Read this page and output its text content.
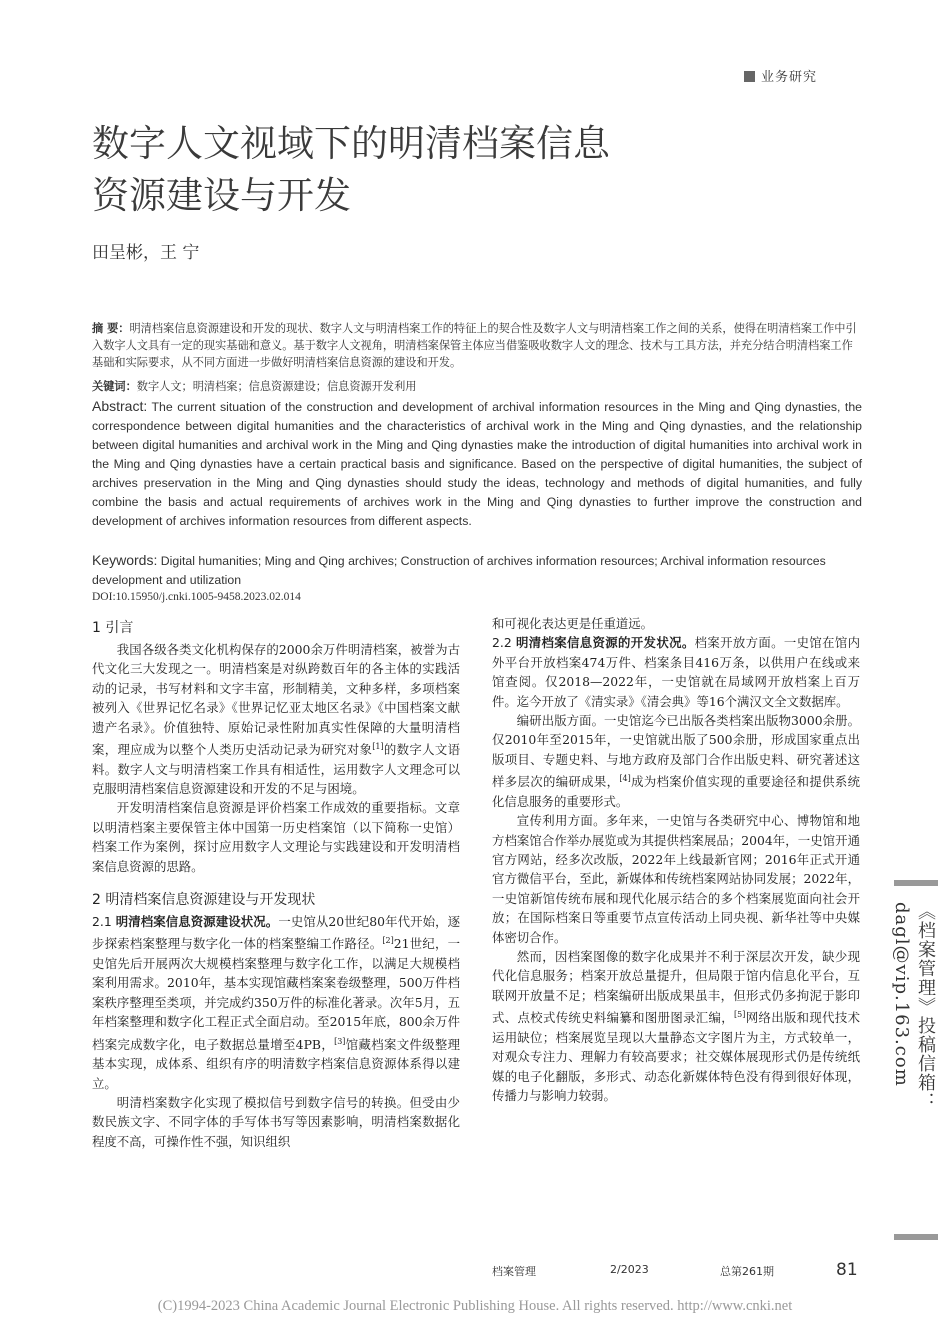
业务研究
数字人文视域下的明清档案信息
资源建设与开发
田呈彬，王 宁
摘 要：明清档案信息资源建设和开发的现状、数字人文与明清档案工作的特征上的契合性及数字人文与明清档案工作之间的关系，使得在明清档案工作中引入数字人文具有一定的现实基础和意义。基于数字人文视角，明清档案保管主体应当借鉴吸收数字人文的理念、技术与工具方法，并充分结合明清档案工作基础和实际要求，从不同方面进一步做好明清档案信息资源的建设和开发。
关键词：数字人文；明清档案；信息资源建设；信息资源开发利用
Abstract: The current situation of the construction and development of archival information resources in the Ming and Qing dynasties, the correspondence between digital humanities and the characteristics of archival work in the Ming and Qing dynasties, and the relationship between digital humanities and archival work in the Ming and Qing dynasties make the introduction of digital humanities into archival work in the Ming and Qing dynasties have a certain practical basis and significance. Based on the perspective of digital humanities, the subject of archives preservation in the Ming and Qing dynasties should study the ideas, technology and methods of digital humanities, and fully combine the basis and actual requirements of archives work in the Ming and Qing dynasties to further improve the construction and development of archives information resources from different aspects.
Keywords: Digital humanities; Ming and Qing archives; Construction of archives information resources; Archival information resources development and utilization
DOI:10.15950/j.cnki.1005-9458.2023.02.014
1 引言

我国各级各类文化机构保存的2000余万件明清档案，被誉为古代文化三大发现之一。明清档案是对纵跨数百年的各主体的实践活动的记录，书写材料和文字丰富，形制精美，文种多样，多项档案被列入《世界记忆名录》《世界记忆亚太地区名录》《中国档案文献遗产名录》。价值独特、原始记录性附加真实性保障的大量明清档案，理应成为以整个人类历史活动记录为研究对象[1]的数字人文语料。数字人文与明清档案工作具有相适性，运用数字人文理念可以克服明清档案信息资源建设和开发的不足与困境。

开发明清档案信息资源是评价档案工作成效的重要指标。文章以明清档案主要保管主体中国第一历史档案馆（以下简称一史馆）档案工作为案例，探讨应用数字人文理论与实践建设和开发明清档案信息资源的思路。

2 明清档案信息资源建设与开发现状

2.1 明清档案信息资源建设状况。一史馆从20世纪80年代开始，逐步探索档案整理与数字化一体的档案整编工作路径。[2]21世纪，一史馆先后开展两次大规模档案整理与数字化工作，以满足大规模档案利用需求。2010年，基本实现馆藏档案案卷级整理，500万件档案秩序整理至类项，并完成约350万件的标准化著录。次年5月，五年档案整理和数字化工程正式全面启动。至2015年底，800余万件档案完成数字化，电子数据总量增至4PB，[3]馆藏档案文件级整理基本实现，成体系、组织有序的明清数字档案信息资源体系得以建立。

明清档案数字化实现了模拟信号到数字信号的转换。但受由少数民族文字、不同字体的手写体书写等因素影响，明清档案数据化程度不高，可操作性不强，知识组织

和可视化表达更是任重道远。

2.2 明清档案信息资源的开发状况。档案开放方面。一史馆在馆内外平台开放档案474万件、档案条目416万条，以供用户在线或来馆查阅。仅2018—2022年，一史馆就在局域网开放档案上百万件。迄今开放了《清实录》《清会典》等16个满汉文全文数据库。

编研出版方面。一史馆迄今已出版各类档案出版物3000余册。仅2010年至2015年，一史馆就出版了500余册，形成国家重点出版项目、专题史料、与地方政府及部门合作出版史料、研究著述这样多层次的编研成果，[4]成为档案价值实现的重要途径和提供系统化信息服务的重要形式。

宣传利用方面。多年来，一史馆与各类研究中心、博物馆和地方档案馆合作举办展览或为其提供档案展品；2004年，一史馆开通官方网站，经多次改版，2022年上线最新官网；2016年正式开通官方微信平台，至此，新媒体和传统档案网站协同发展；2022年，一史馆新馆传统布展和现代化展示结合的多个档案展览面向社会开放；在国际档案日等重要节点宣传活动上同央视、新华社等中央媒体密切合作。

然而，因档案图像的数字化成果并不利于深层次开发，缺少现代化信息服务；档案开放总量提升，但局限于馆内信息化平台，互联网开放量不足；档案编研出版成果虽丰，但形式仍多拘泥于影印式、点校式传统史料编纂和图册图录汇编，[5]网络出版和现代技术运用缺位；档案展览呈现以大量静态文字图片为主，方式较单一，对观众专注力、理解力有较高要求；社交媒体展现形式仍是传统纸媒的电子化翻版，多形式、动态化新媒体特色没有得到很好体现，传播力与影响力较弱。	《档案管理》投稿信箱：dagl@vip.163.com
档案管理	2/2023	总第261期	81
(C)1994-2023 China Academic Journal Electronic Publishing House. All rights reserved. http://www.cnki.net
